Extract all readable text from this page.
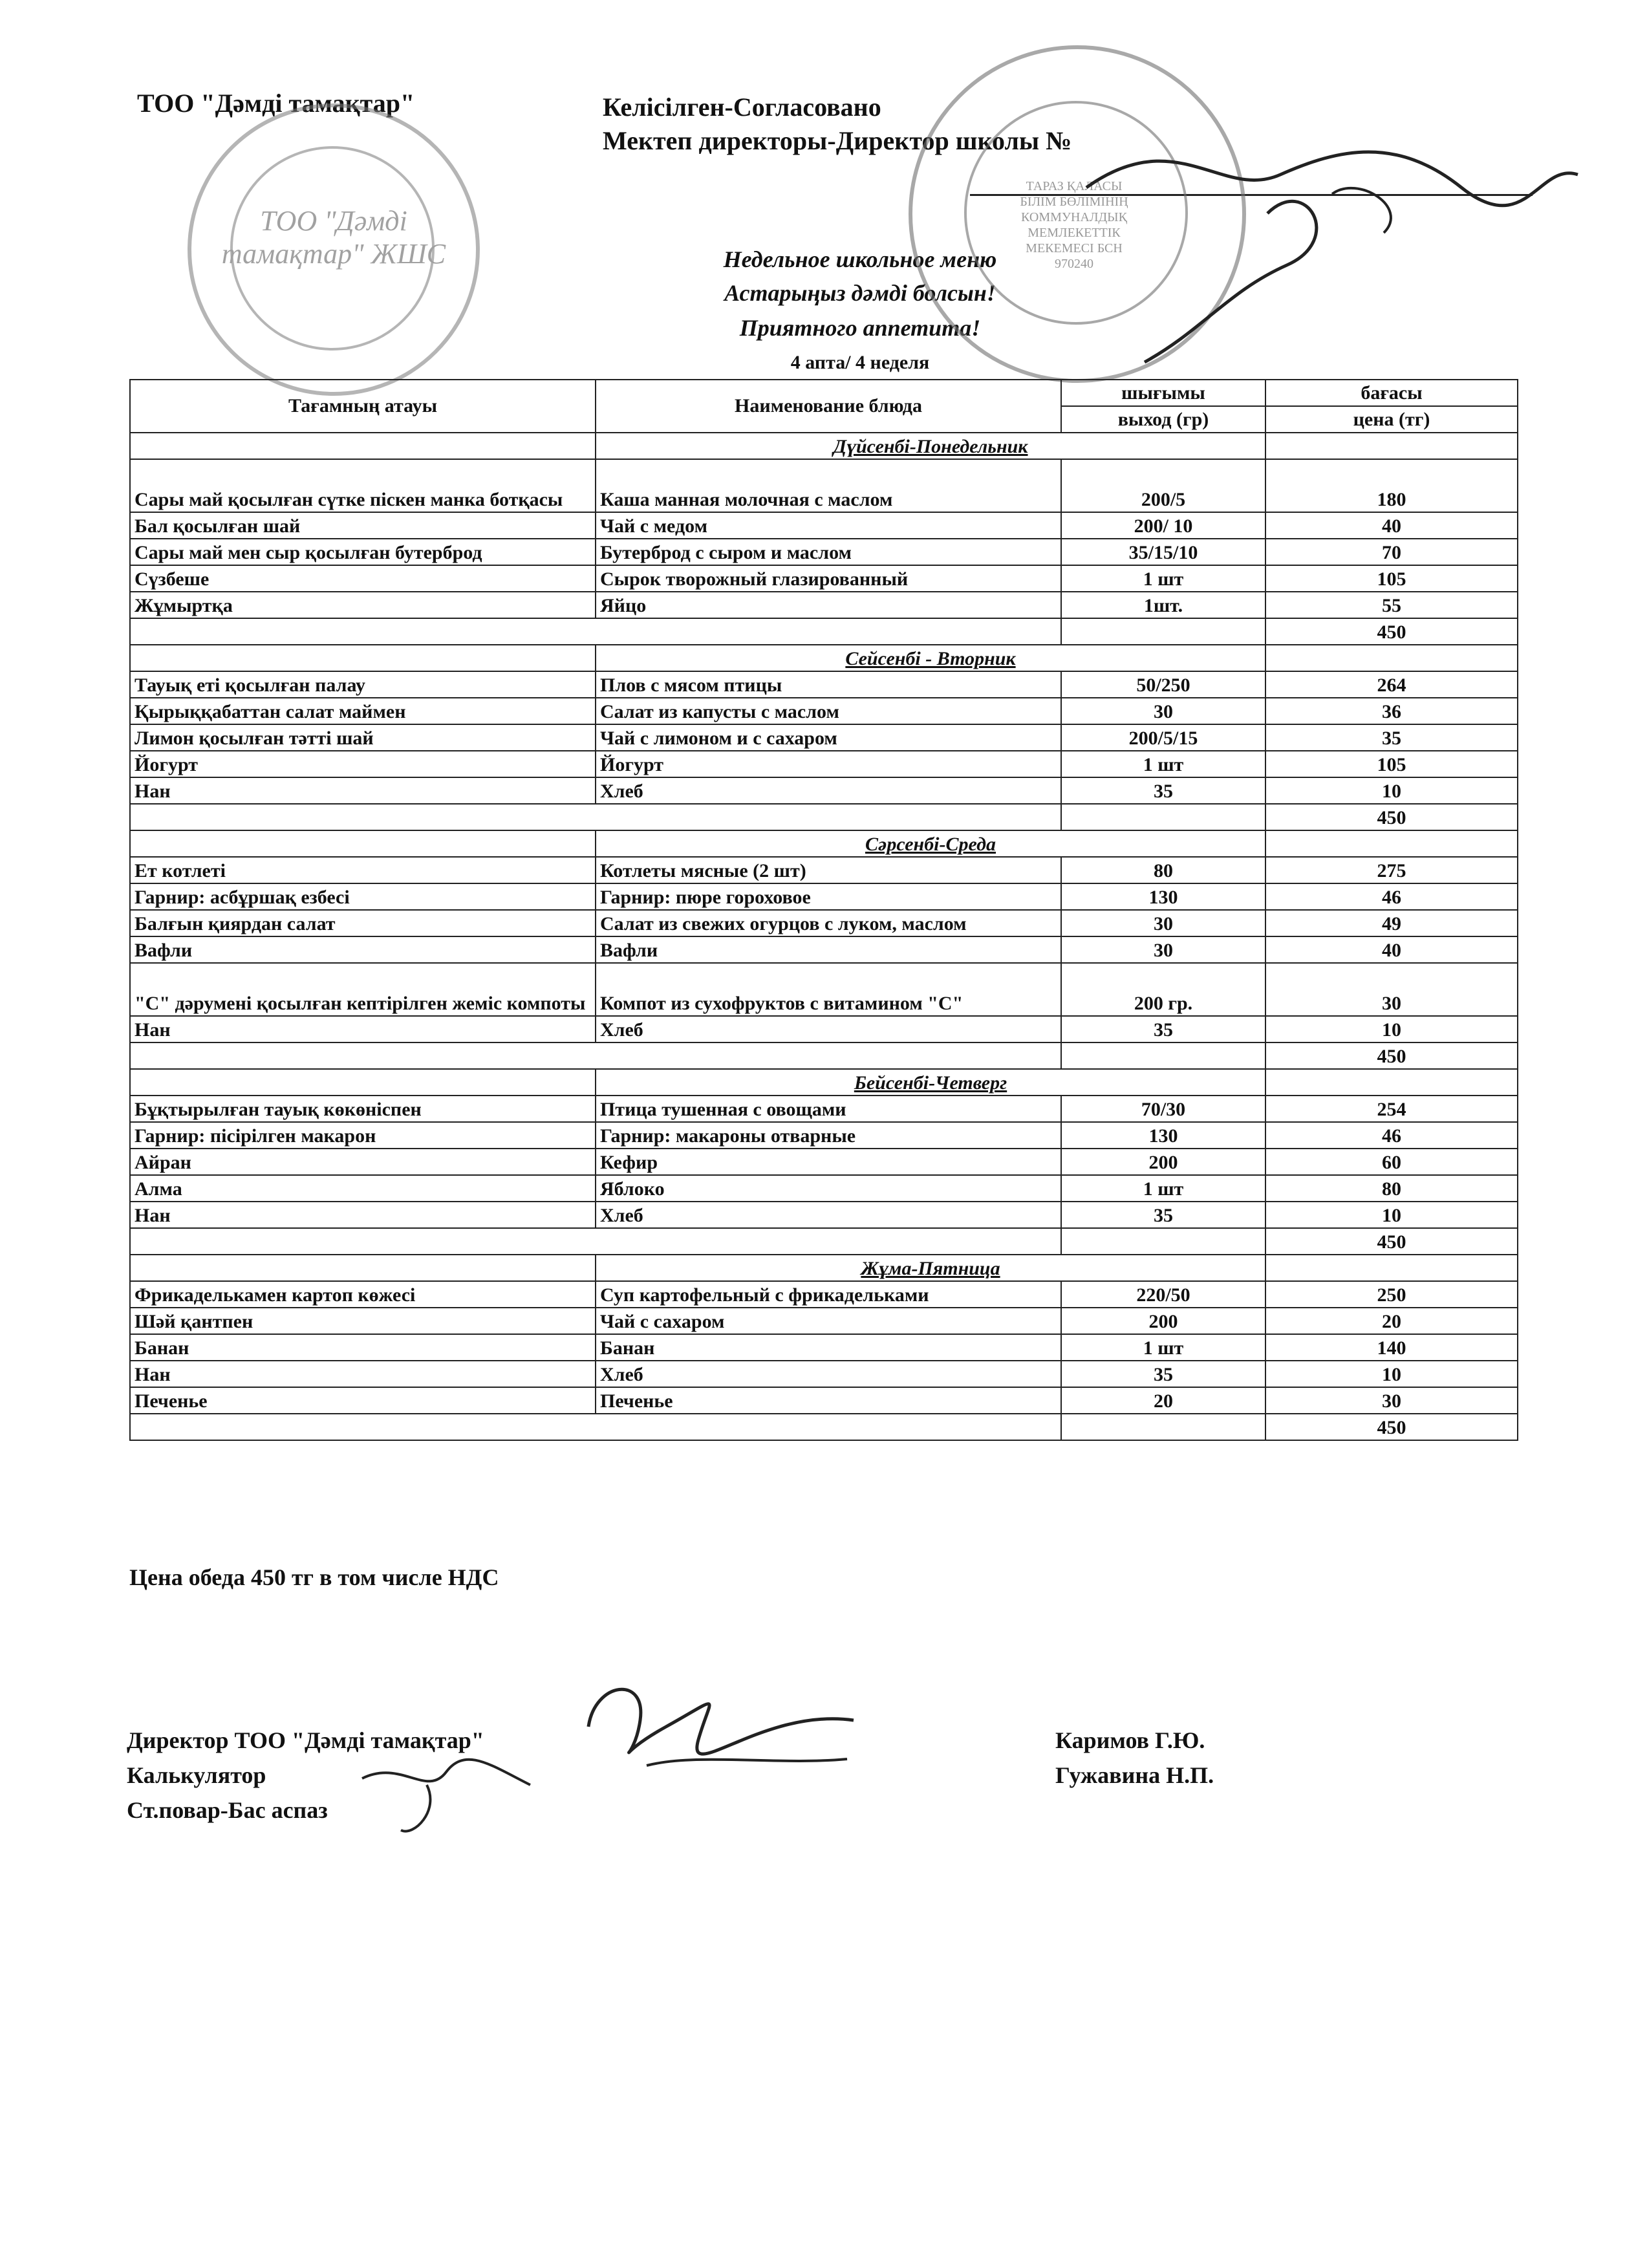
ТОО "Дәмді тамақтар"	Келісілген-Согласовано
Мектеп директоры-Директор школы №
Недельное школьное меню
Астарыңыз дәмді болсын!
Приятного аппетита!
4 апта/ 4 неделя
ТОО "Дәмді тамақтар" ЖШС
ТАРАЗ ҚАЛАСЫ БІЛІМ БӨЛІМІНІҢ КОММУНАЛДЫҚ МЕМЛЕКЕТТІК МЕКЕМЕСІ БСН 970240
Тағамның атауы	Наименование блюда	шығымы	бағасы
		выход (гр)	цена (тг)
	Дүйсенбі-Понедельник		
Сары май қосылған сүтке піскен манка ботқасы	Каша манная молочная с маслом	200/5	180
Бал қосылған шай	Чай с медом	200/ 10	40
Сары май мен сыр қосылған бутерброд	Бутерброд с сыром и маслом	35/15/10	70
Сүзбеше	Сырок творожный глазированный	1 шт	105
Жұмыртқа	Яйцо	1шт.	55
			450
	Сейсенбі - Вторник		
Тауық еті қосылған палау	Плов с мясом птицы	50/250	264
Қырыққабаттан салат маймен	Салат из капусты с маслом	30	36
Лимон қосылған тәтті шай	Чай с лимоном и с сахаром	200/5/15	35
Йогурт	Йогурт	1 шт	105
Нан	Хлеб	35	10
			450
	Сәрсенбі-Среда		
Ет котлеті	Котлеты мясные (2 шт)	80	275
Гарнир: асбұршақ езбесі	Гарнир: пюре гороховое	130	46
Балғын қиярдан салат	Салат из свежих огурцов с луком, маслом	30	49
Вафли	Вафли	30	40
"С" дәрумені қосылған кептірілген жеміс компоты	Компот из сухофруктов с витамином "С"	200 гр.	30
Нан	Хлеб	35	10
			450
	Бейсенбі-Четверг		
Бұқтырылған тауық көкөніспен	Птица тушенная с овощами	70/30	254
Гарнир: пісірілген макарон	Гарнир: макароны отварные	130	46
Айран	Кефир	200	60
Алма	Яблоко	1 шт	80
Нан	Хлеб	35	10
			450
	Жұма-Пятница		
Фрикаделькамен картоп көжесі	Суп картофельный с фрикадельками	220/50	250
Шәй қантпен	Чай с сахаром	200	20
Банан	Банан	1 шт	140
Нан	Хлеб	35	10
Печенье	Печенье	20	30
			450
Цена обеда 450 тг в том числе НДС
Директор ТОО "Дәмді тамақтар"	Каримов Г.Ю.
Калькулятор	Гужавина Н.П.
Ст.повар-Бас аспаз
